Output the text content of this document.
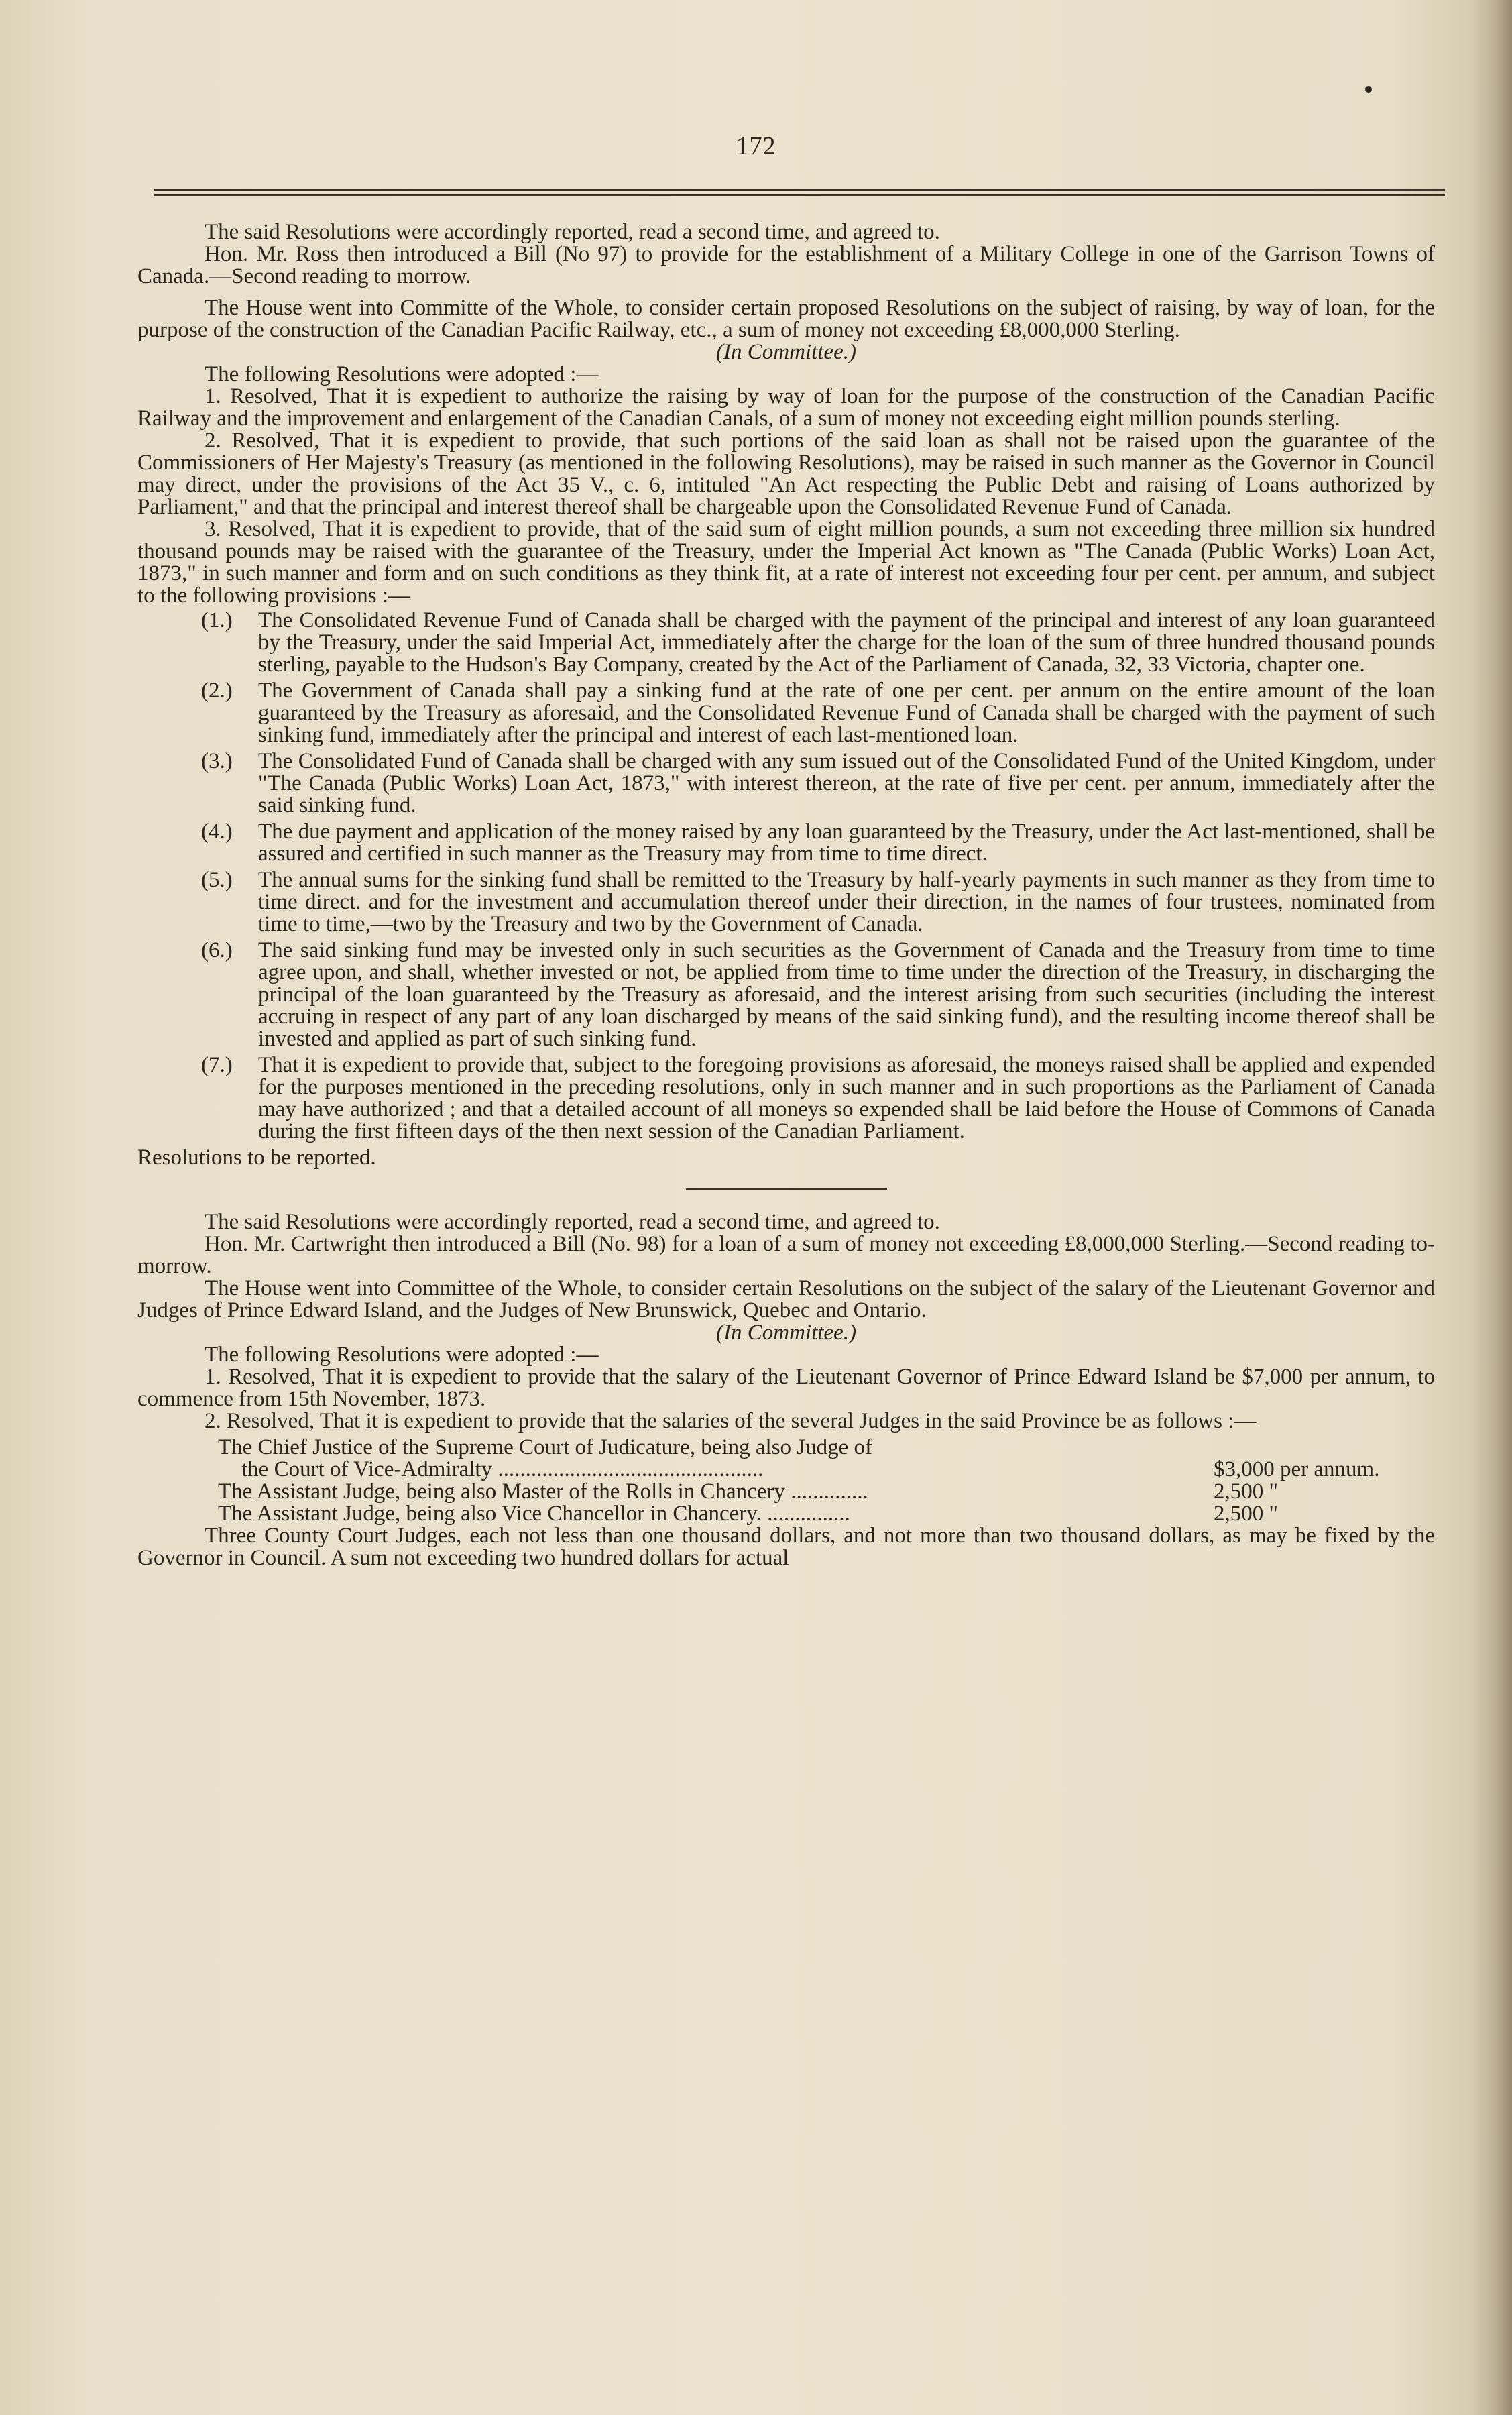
172

The said Resolutions were accordingly reported, read a second time, and agreed to.

Hon. Mr. Ross then introduced a Bill (No 97) to provide for the establishment of a Military College in one of the Garrison Towns of Canada.—Second reading to morrow.

The House went into Committe of the Whole, to consider certain proposed Resolutions on the subject of raising, by way of loan, for the purpose of the construction of the Canadian Pacific Railway, etc., a sum of money not exceeding £8,000,000 Sterling.

(In Committee.)

The following Resolutions were adopted :—

1. Resolved, That it is expedient to authorize the raising by way of loan for the purpose of the construction of the Canadian Pacific Railway and the improvement and enlargement of the Canadian Canals, of a sum of money not exceeding eight million pounds sterling.

2. Resolved, That it is expedient to provide, that such portions of the said loan as shall not be raised upon the guarantee of the Commissioners of Her Majesty's Treasury (as mentioned in the following Resolutions), may be raised in such manner as the Governor in Council may direct, under the provisions of the Act 35 V., c. 6, intituled "An Act respecting the Public Debt and raising of Loans authorized by Parliament," and that the principal and interest thereof shall be chargeable upon the Consolidated Revenue Fund of Canada.

3. Resolved, That it is expedient to provide, that of the said sum of eight million pounds, a sum not exceeding three million six hundred thousand pounds may be raised with the guarantee of the Treasury, under the Imperial Act known as "The Canada (Public Works) Loan Act, 1873," in such manner and form and on such conditions as they think fit, at a rate of interest not exceeding four per cent. per annum, and subject to the following provisions :—

(1.) The Consolidated Revenue Fund of Canada shall be charged with the payment of the principal and interest of any loan guaranteed by the Treasury, under the said Imperial Act, immediately after the charge for the loan of the sum of three hundred thousand pounds sterling, payable to the Hudson's Bay Company, created by the Act of the Parliament of Canada, 32, 33 Victoria, chapter one.
(2.) The Government of Canada shall pay a sinking fund at the rate of one per cent. per annum on the entire amount of the loan guaranteed by the Treasury as aforesaid, and the Consolidated Revenue Fund of Canada shall be charged with the payment of such sinking fund, immediately after the principal and interest of each last-mentioned loan.
(3.) The Consolidated Fund of Canada shall be charged with any sum issued out of the Consolidated Fund of the United Kingdom, under "The Canada (Public Works) Loan Act, 1873," with interest thereon, at the rate of five per cent. per annum, immediately after the said sinking fund.
(4.) The due payment and application of the money raised by any loan guaranteed by the Treasury, under the Act last-mentioned, shall be assured and certified in such manner as the Treasury may from time to time direct.
(5.) The annual sums for the sinking fund shall be remitted to the Treasury by half-yearly payments in such manner as they from time to time direct. and for the investment and accumulation thereof under their direction, in the names of four trustees, nominated from time to time,—two by the Treasury and two by the Government of Canada.
(6.) The said sinking fund may be invested only in such securities as the Government of Canada and the Treasury from time to time agree upon, and shall, whether invested or not, be applied from time to time under the direction of the Treasury, in discharging the principal of the loan guaranteed by the Treasury as aforesaid, and the interest arising from such securities (including the interest accruing in respect of any part of any loan discharged by means of the said sinking fund), and the resulting income thereof shall be invested and applied as part of such sinking fund.
(7.) That it is expedient to provide that, subject to the foregoing provisions as aforesaid, the moneys raised shall be applied and expended for the purposes mentioned in the preceding resolutions, only in such manner and in such proportions as the Parliament of Canada may have authorized ; and that a detailed account of all moneys so expended shall be laid before the House of Commons of Canada during the first fifteen days of the then next session of the Canadian Parliament.

Resolutions to be reported.

The said Resolutions were accordingly reported, read a second time, and agreed to.

Hon. Mr. Cartwright then introduced a Bill (No. 98) for a loan of a sum of money not exceeding £8,000,000 Sterling.—Second reading to-morrow.

The House went into Committee of the Whole, to consider certain Resolutions on the subject of the salary of the Lieutenant Governor and Judges of Prince Edward Island, and the Judges of New Brunswick, Quebec and Ontario.

(In Committee.)

The following Resolutions were adopted :—

1. Resolved, That it is expedient to provide that the salary of the Lieutenant Governor of Prince Edward Island be $7,000 per annum, to commence from 15th November, 1873.

2. Resolved, That it is expedient to provide that the salaries of the several Judges in the said Province be as follows :—

The Chief Justice of the Supreme Court of Judicature, being also Judge of
the Court of Vice-Admiralty ................................................	$3,000 per annum.
The Assistant Judge, being also Master of the Rolls in Chancery ..............	2,500 "
The Assistant Judge, being also Vice Chancellor in Chancery. ...............	2,500 "

Three County Court Judges, each not less than one thousand dollars, and not more than two thousand dollars, as may be fixed by the Governor in Council. A sum not exceeding two hundred dollars for actual
